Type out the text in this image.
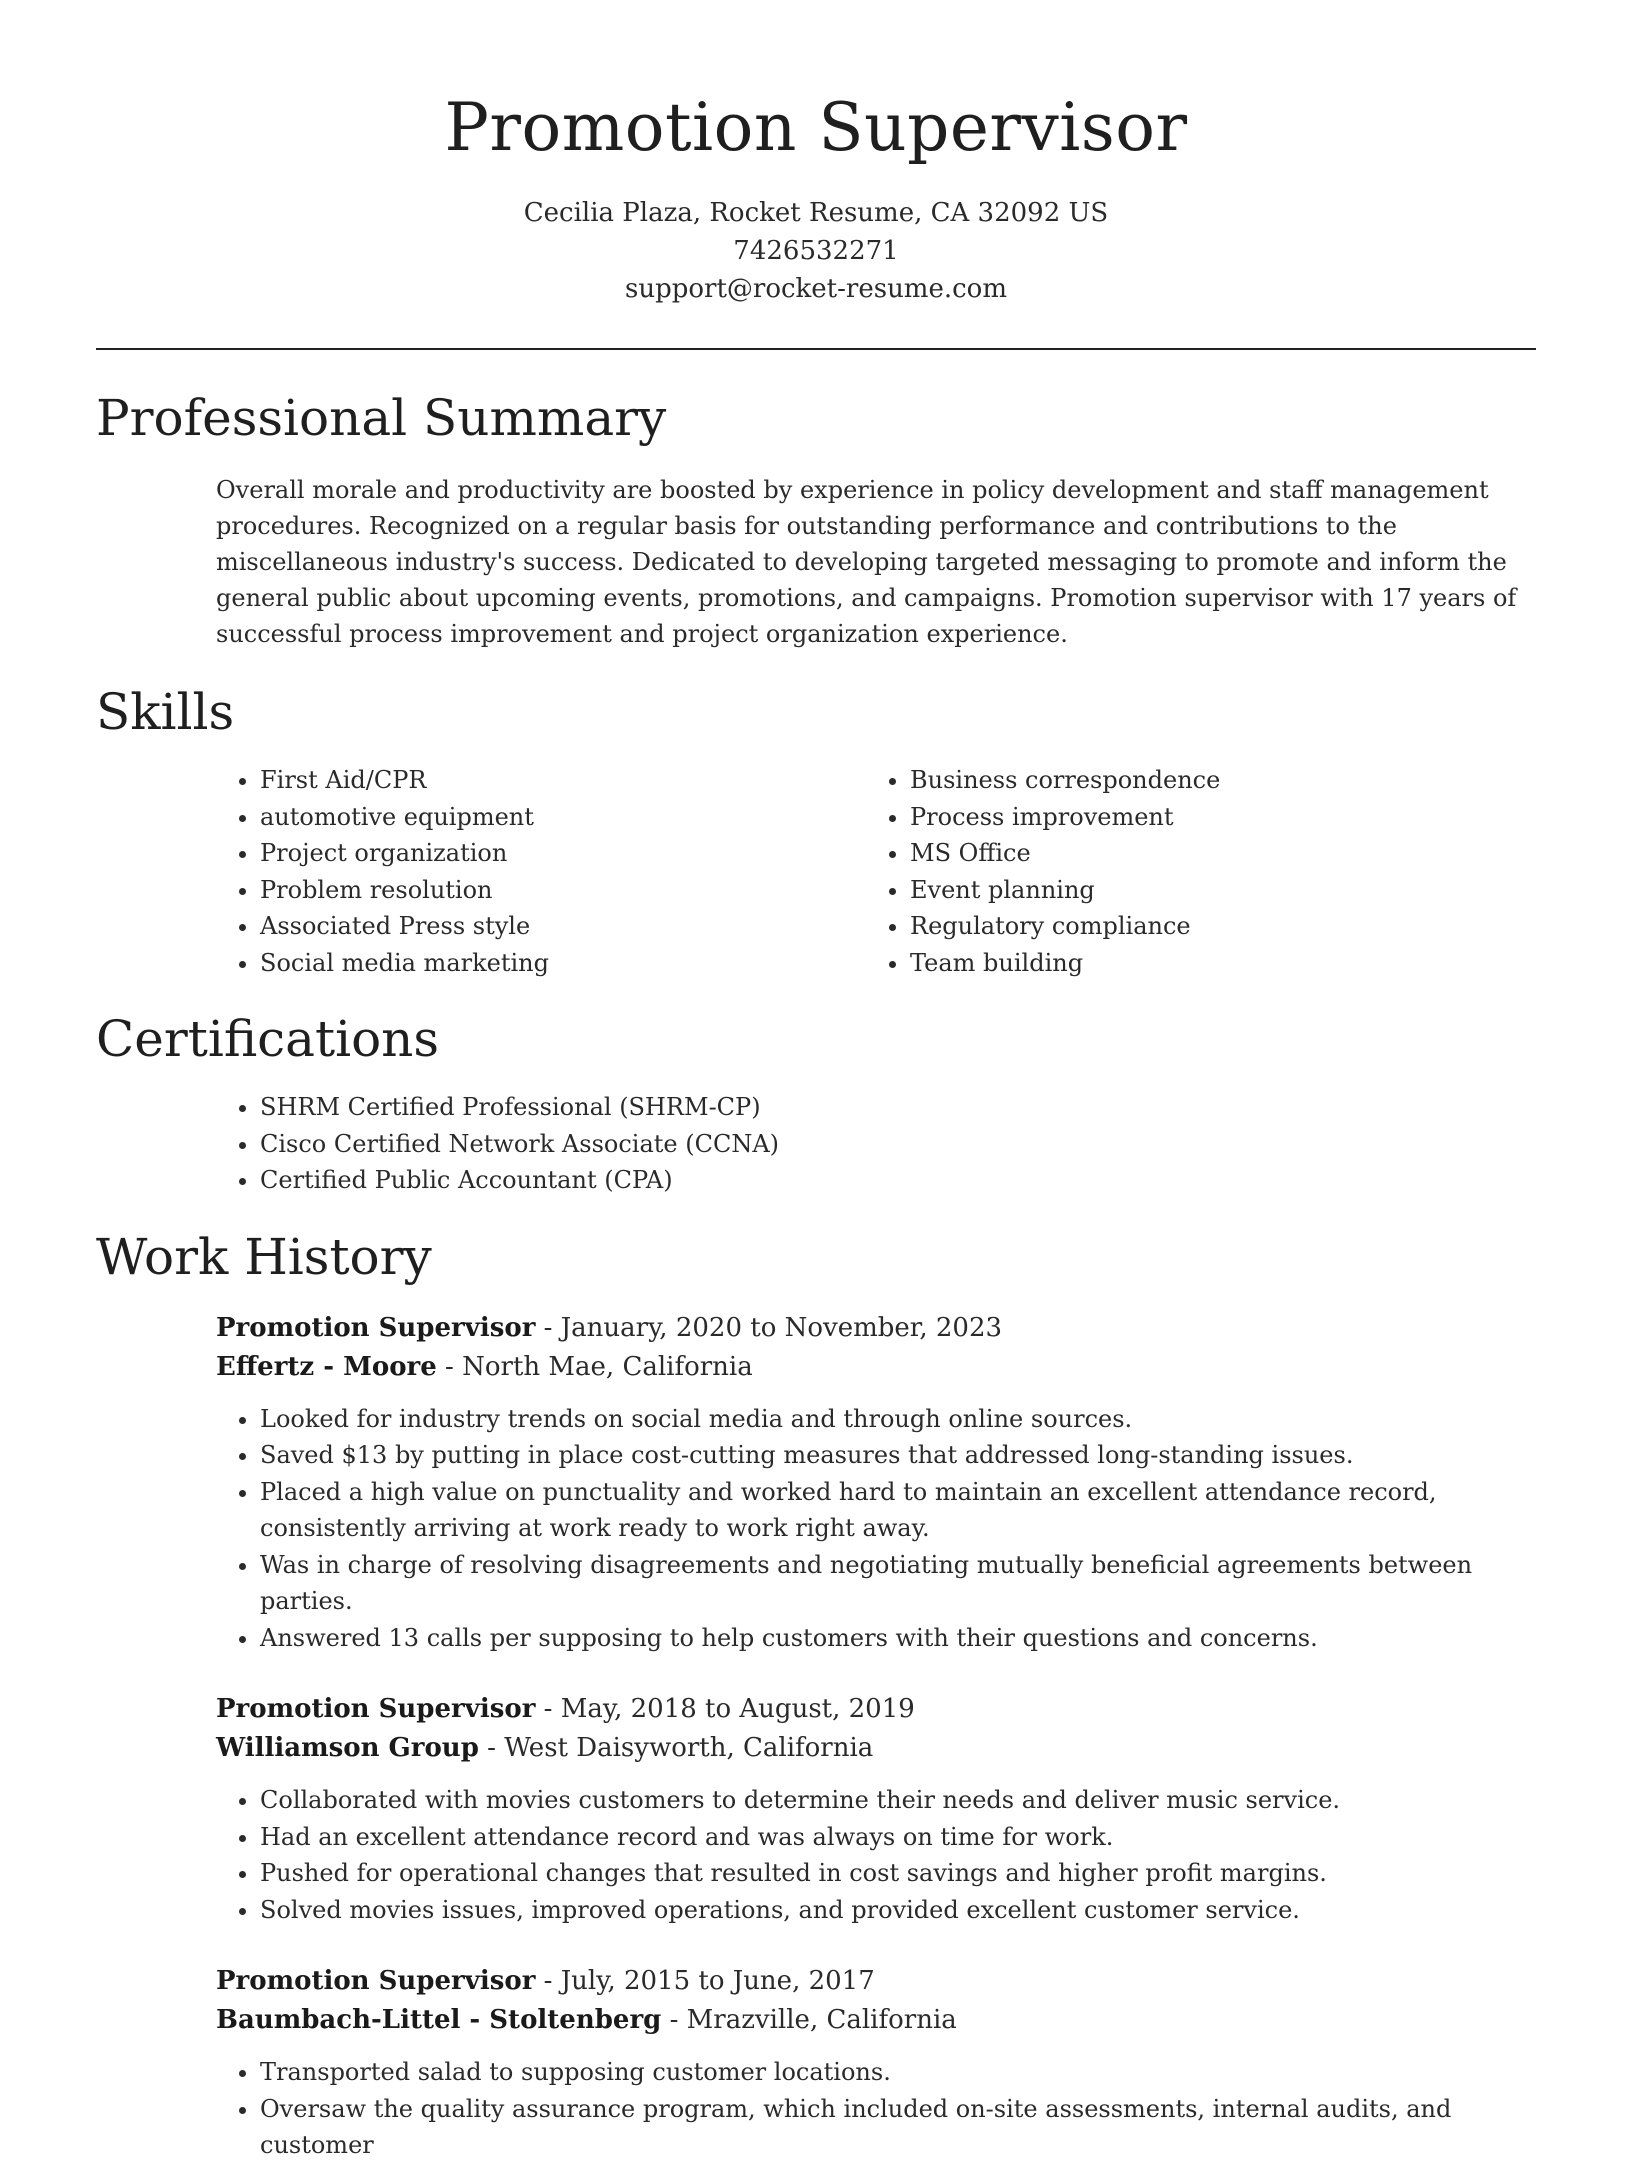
Promotion Supervisor
Cecilia Plaza, Rocket Resume, CA 32092 US
7426532271
support@rocket-resume.com
Professional Summary

Overall morale and productivity are boosted by experience in policy development and staff management procedures. Recognized on a regular basis for outstanding performance and contributions to the miscellaneous industry's success. Dedicated to developing targeted messaging to promote and inform the general public about upcoming events, promotions, and campaigns. Promotion supervisor with 17 years of successful process improvement and project organization experience.

Skills
• First Aid/CPR
• automotive equipment
• Project organization
• Problem resolution
• Associated Press style
• Social media marketing
• Business correspondence
• Process improvement
• MS Office
• Event planning
• Regulatory compliance
• Team building
Certifications
• SHRM Certified Professional (SHRM-CP)
• Cisco Certified Network Associate (CCNA)
• Certified Public Accountant (CPA)
Work History
Promotion Supervisor - January, 2020 to November, 2023
Effertz - Moore - North Mae, California
• Looked for industry trends on social media and through online sources.
• Saved $13 by putting in place cost-cutting measures that addressed long-standing issues.
• Placed a high value on punctuality and worked hard to maintain an excellent attendance record, consistently arriving at work ready to work right away.
• Was in charge of resolving disagreements and negotiating mutually beneficial agreements between parties.
• Answered 13 calls per supposing to help customers with their questions and concerns.
Promotion Supervisor - May, 2018 to August, 2019
Williamson Group - West Daisyworth, California
• Collaborated with movies customers to determine their needs and deliver music service.
• Had an excellent attendance record and was always on time for work.
• Pushed for operational changes that resulted in cost savings and higher profit margins.
• Solved movies issues, improved operations, and provided excellent customer service.
Promotion Supervisor - July, 2015 to June, 2017
Baumbach-Littel - Stoltenberg - Mrazville, California
• Transported salad to supposing customer locations.
• Oversaw the quality assurance program, which included on-site assessments, internal audits, and customer
